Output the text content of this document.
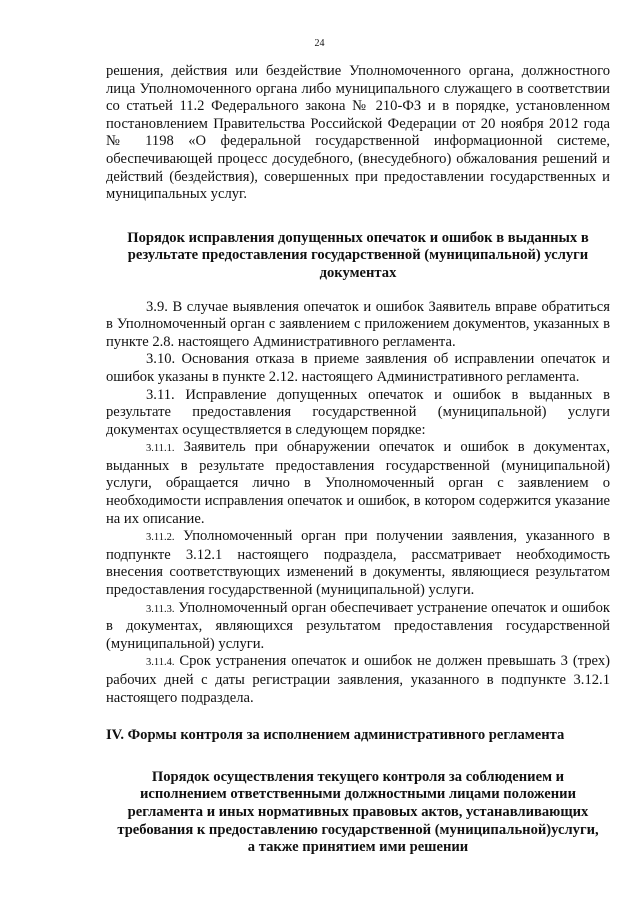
24

решения, действия или бездействие Уполномоченного органа, должностного лица Уполномоченного органа либо муниципального служащего в соответствии со статьей 11.2 Федерального закона № 210-ФЗ и в порядке, установленном постановлением Правительства Российской Федерации от 20 ноября 2012 года № 1198 «О федеральной государственной информационной системе, обеспечивающей процесс досудебного, (внесудебного) обжалования решений и действий (бездействия), совершенных при предоставлении государственных и муниципальных услуг.

Порядок исправления допущенных опечаток и ошибок в выданных в результате предоставления государственной (муниципальной) услуги документах

3.9. В случае выявления опечаток и ошибок Заявитель вправе обратиться в Уполномоченный орган с заявлением с приложением документов, указанных в пункте 2.8. настоящего Административного регламента.

3.10. Основания отказа в приеме заявления об исправлении опечаток и ошибок указаны в пункте 2.12. настоящего Административного регламента.

3.11. Исправление допущенных опечаток и ошибок в выданных в результате предоставления государственной (муниципальной) услуги документах осуществляется в следующем порядке:

3.11.1. Заявитель при обнаружении опечаток и ошибок в документах, выданных в результате предоставления государственной (муниципальной) услуги, обращается лично в Уполномоченный орган с заявлением о необходимости исправления опечаток и ошибок, в котором содержится указание на их описание.

3.11.2. Уполномоченный орган при получении заявления, указанного в подпункте 3.12.1 настоящего подраздела, рассматривает необходимость внесения соответствующих изменений в документы, являющиеся результатом предоставления государственной (муниципальной) услуги.

3.11.3. Уполномоченный орган обеспечивает устранение опечаток и ошибок в документах, являющихся результатом предоставления государственной (муниципальной) услуги.

3.11.4. Срок устранения опечаток и ошибок не должен превышать 3 (трех) рабочих дней с даты регистрации заявления, указанного в подпункте 3.12.1 настоящего подраздела.

IV. Формы контроля за исполнением административного регламента

Порядок осуществления текущего контроля за соблюдением и исполнением ответственными должностными лицами положении регламента и иных нормативных правовых актов, устанавливающих требования к предоставлению государственной (муниципальной)услуги, а также принятием ими решении
